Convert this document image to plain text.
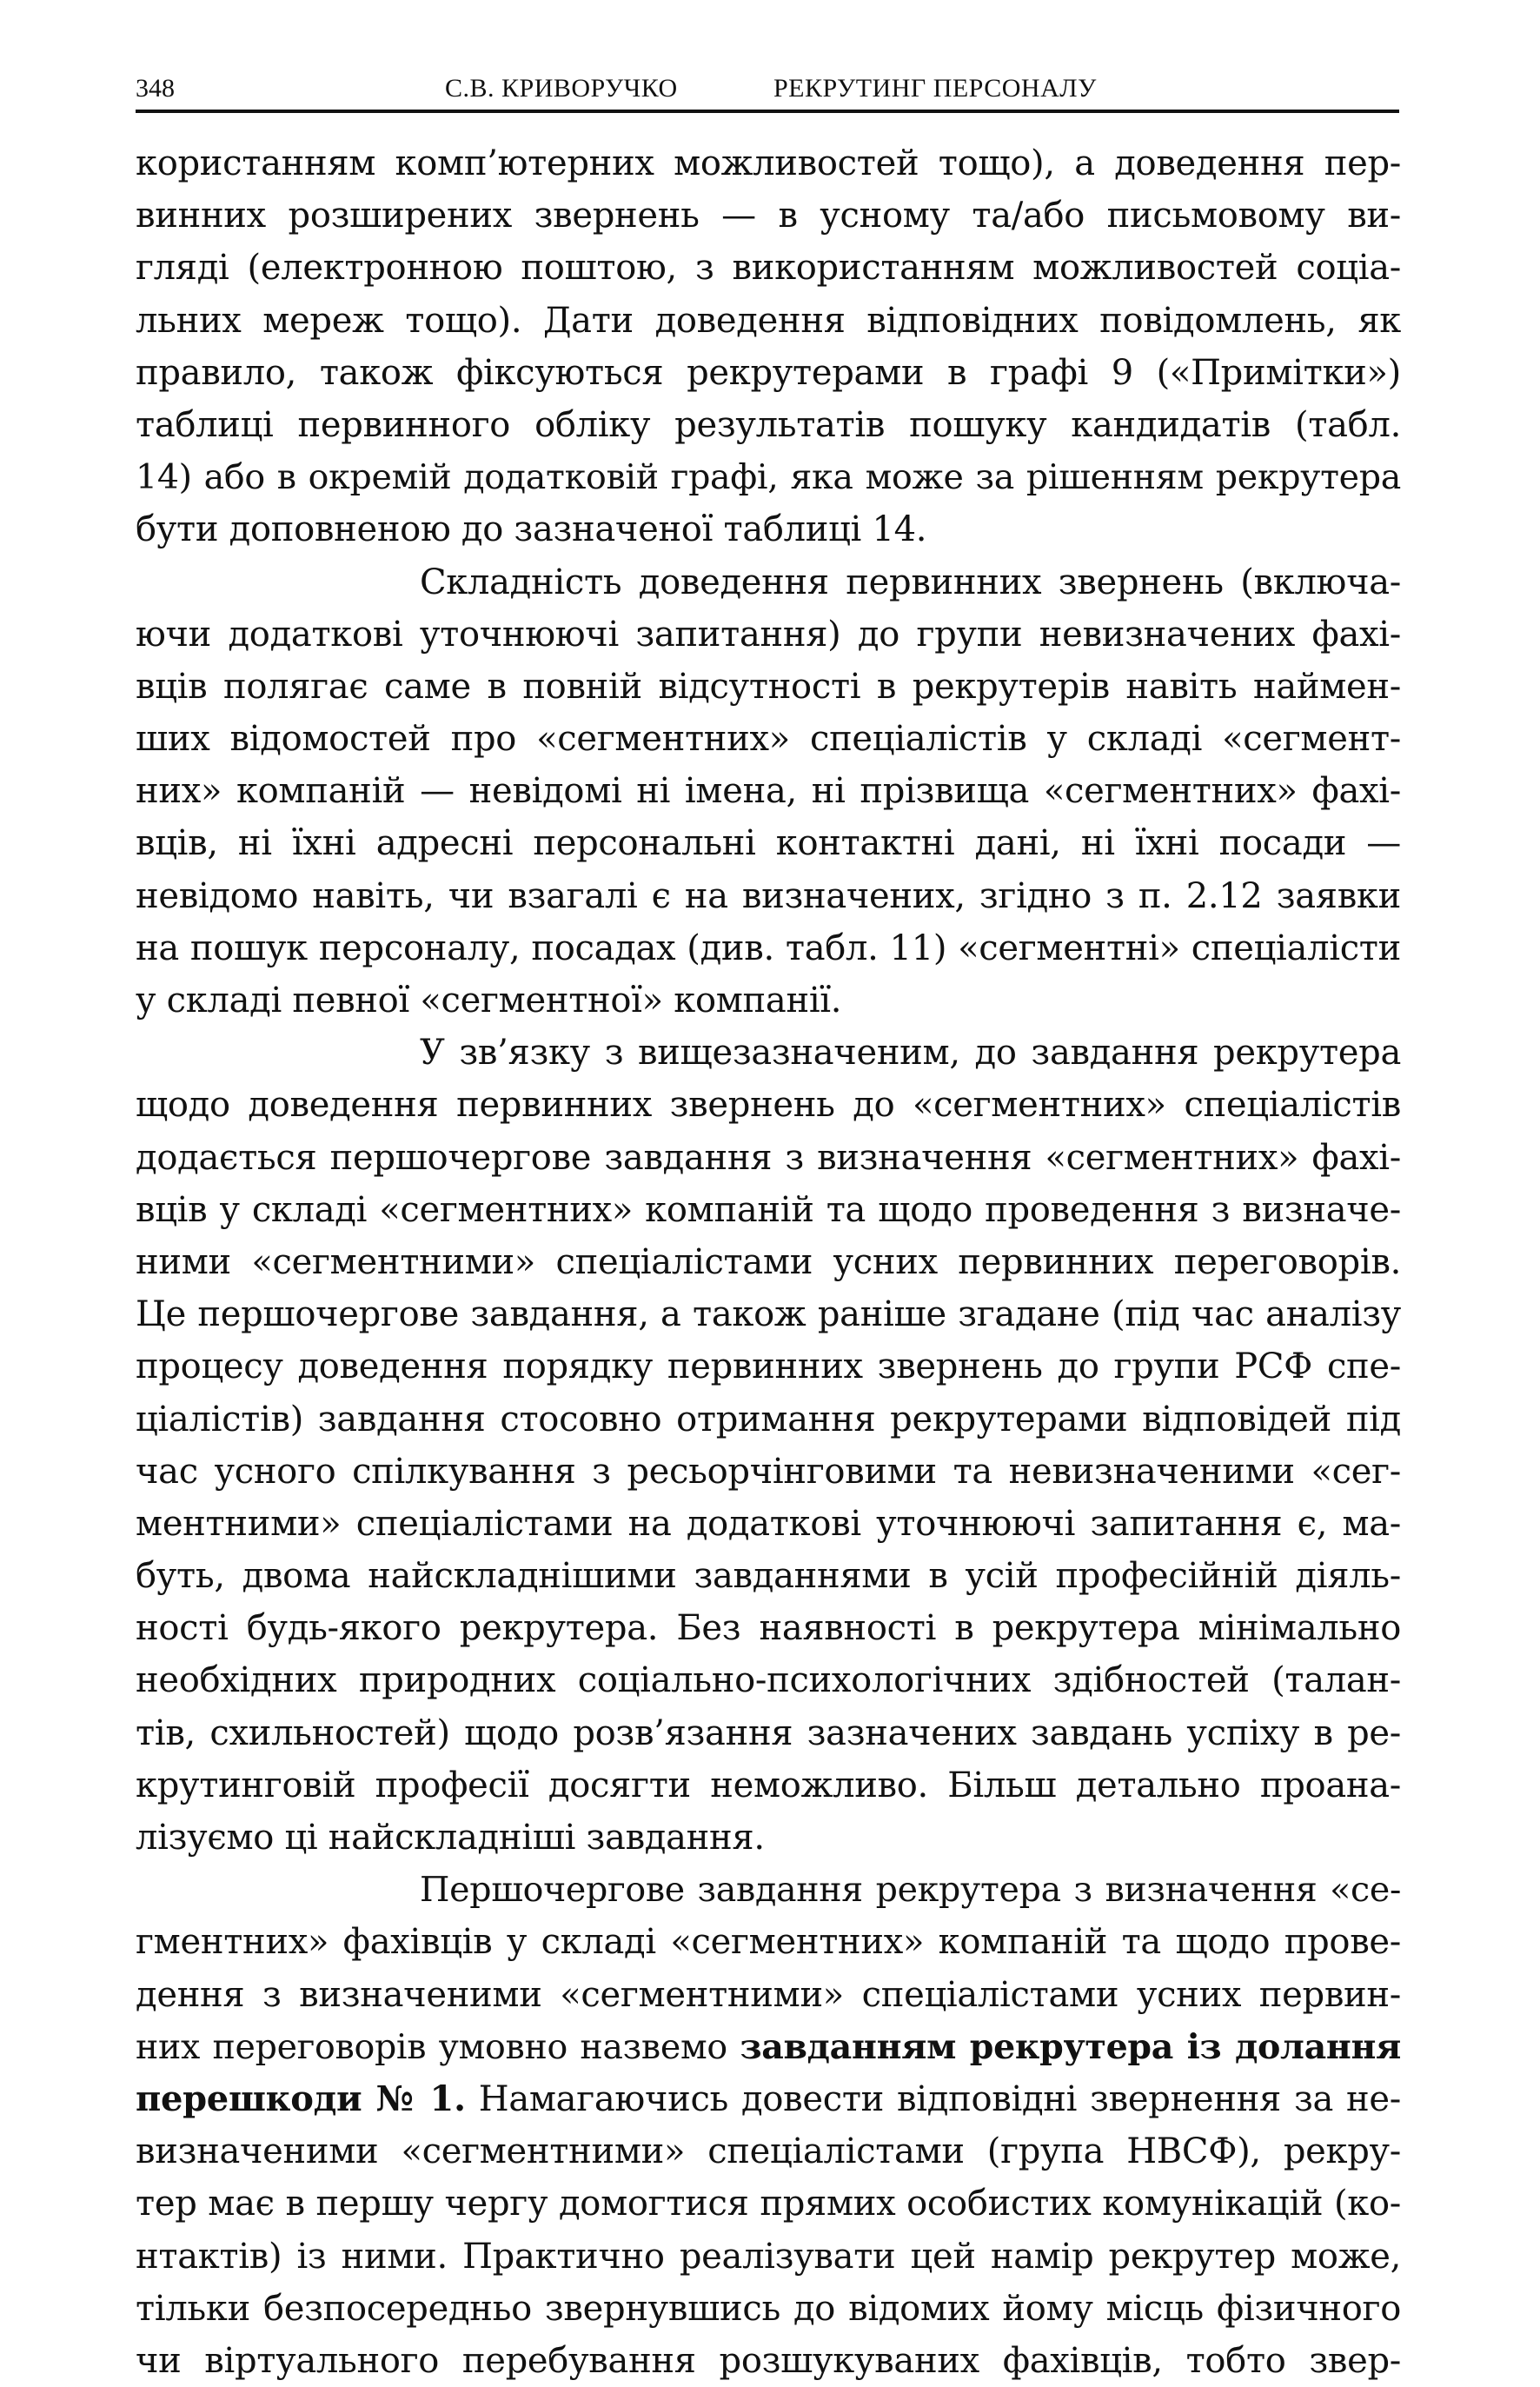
348	С.В. КРИВОРУЧКО	РЕКРУТИНГ ПЕРСОНАЛУ
користанням комп’ютерних можливостей тощо), а доведення пер-
винних розширених звернень — в усному та/або письмовому ви-
гляді (електронною поштою, з використанням можливостей соціа-
льних мереж тощо). Дати доведення відповідних повідомлень, як
правило, також фіксуються рекрутерами в графі 9 («Примітки»)
таблиці первинного обліку результатів пошуку кандидатів (табл.
14) або в окремій додатковій графі, яка може за рішенням рекрутера
бути доповненою до зазначеної таблиці 14.
Складність доведення первинних звернень (включа-
ючи додаткові уточнюючі запитання) до групи невизначених фахі-
вців полягає саме в повній відсутності в рекрутерів навіть наймен-
ших відомостей про «сегментних» спеціалістів у складі «сегмент-
них» компаній — невідомі ні імена, ні прізвища «сегментних» фахі-
вців, ні їхні адресні персональні контактні дані, ні їхні посади —
невідомо навіть, чи взагалі є на визначених, згідно з п. 2.12 заявки
на пошук персоналу, посадах (див. табл. 11) «сегментні» спеціалісти
у складі певної «сегментної» компанії.
У зв’язку з вищезазначеним, до завдання рекрутера
щодо доведення первинних звернень до «сегментних» спеціалістів
додається першочергове завдання з визначення «сегментних» фахі-
вців у складі «сегментних» компаній та щодо проведення з визначе-
ними «сегментними» спеціалістами усних первинних переговорів.
Це першочергове завдання, а також раніше згадане (під час аналізу
процесу доведення порядку первинних звернень до групи РСФ спе-
ціалістів) завдання стосовно отримання рекрутерами відповідей під
час усного спілкування з ресьорчінговими та невизначеними «сег-
ментними» спеціалістами на додаткові уточнюючі запитання є, ма-
буть, двома найскладнішими завданнями в усій професійній діяль-
ності будь-якого рекрутера. Без наявності в рекрутера мінімально
необхідних природних соціально-психологічних здібностей (талан-
тів, схильностей) щодо розв’язання зазначених завдань успіху в ре-
крутинговій професії досягти неможливо. Більш детально проана-
лізуємо ці найскладніші завдання.
Першочергове завдання рекрутера з визначення «се-
гментних» фахівців у складі «сегментних» компаній та щодо прове-
дення з визначеними «сегментними» спеціалістами усних первин-
них переговорів умовно назвемо завданням рекрутера із долання
перешкоди № 1. Намагаючись довести відповідні звернення за не-
визначеними «сегментними» спеціалістами (група НВСФ), рекру-
тер має в першу чергу домогтися прямих особистих комунікацій (ко-
нтактів) із ними. Практично реалізувати цей намір рекрутер може,
тільки безпосередньо звернувшись до відомих йому місць фізичного
чи віртуального перебування розшукуваних фахівців, тобто звер-
